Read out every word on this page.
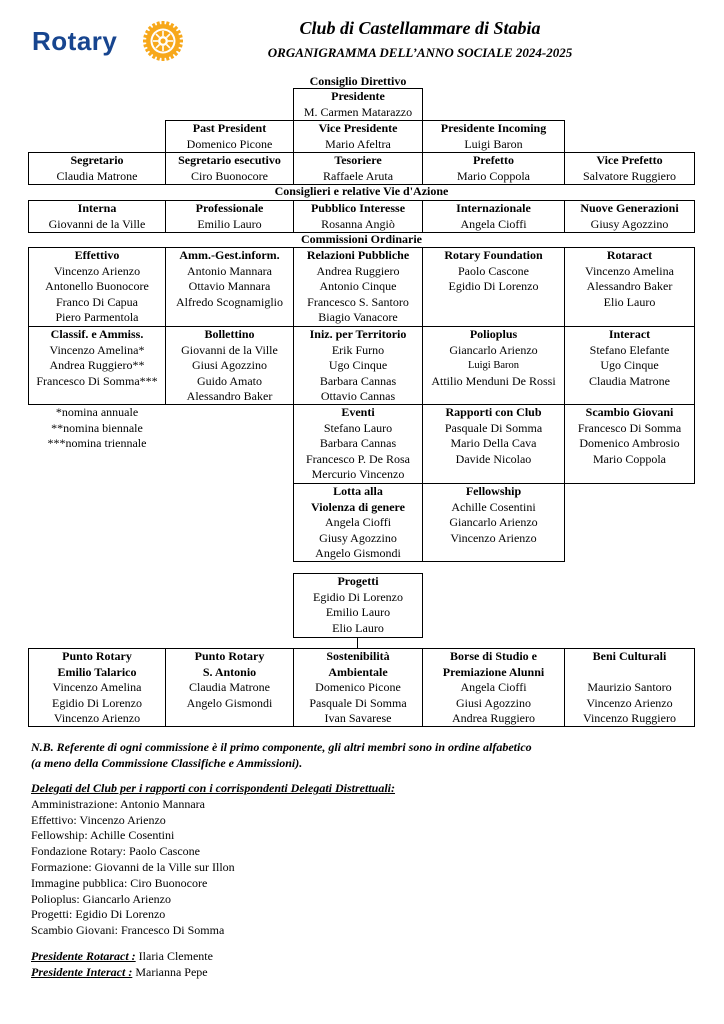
Rotary	Club di Castellammare di Stabia
ORGANIGRAMMA DELL’ANNO SOCIALE 2024-2025
Consiglio Direttivo
Presidente
M. Carmen Matarazzo
Past President
Domenico Picone
Vice Presidente
Mario Afeltra
Presidente Incoming
Luigi Baron
Segretario
Claudia Matrone
Segretario esecutivo
Ciro Buonocore
Tesoriere
Raffaele Aruta
Prefetto
Mario Coppola
Vice Prefetto
Salvatore Ruggiero
Consiglieri e relative Vie d'Azione
Interna
Giovanni de la Ville
Professionale
Emilio Lauro
Pubblico Interesse
Rosanna Angiò
Internazionale
Angela Cioffi
Nuove Generazioni
Giusy Agozzino
Commissioni Ordinarie
Effettivo
Vincenzo Arienzo
Antonello Buonocore
Franco Di Capua
Piero Parmentola
Amm.-Gest.inform.
Antonio Mannara
Ottavio Mannara
Alfredo Scognamiglio
Relazioni Pubbliche
Andrea Ruggiero
Antonio Cinque
Francesco S. Santoro
Biagio Vanacore
Rotary Foundation
Paolo Cascone
Egidio Di Lorenzo
Rotaract
Vincenzo Amelina
Alessandro Baker
Elio Lauro
Classif. e Ammiss.
Vincenzo Amelina*
Andrea Ruggiero**
Francesco Di Somma***
Bollettino
Giovanni de la Ville
Giusi Agozzino
Guido Amato
Alessandro Baker
Iniz. per Territorio
Erik Furno
Ugo Cinque
Barbara Cannas
Ottavio Cannas
Polioplus
Giancarlo Arienzo
Luigi Baron
Attilio Menduni De Rossi
Interact
Stefano Elefante
Ugo Cinque
Claudia Matrone
*nomina annuale
**nomina biennale
***nomina triennale
Eventi
Stefano Lauro
Barbara Cannas
Francesco P. De Rosa
Mercurio Vincenzo
Rapporti con Club
Pasquale Di Somma
Mario Della Cava
Davide Nicolao
Scambio Giovani
Francesco Di Somma
Domenico Ambrosio
Mario Coppola
Lotta alla
Violenza di genere
Angela Cioffi
Giusy Agozzino
Angelo Gismondi
Fellowship
Achille Cosentini
Giancarlo Arienzo
Vincenzo Arienzo
Progetti
Egidio Di Lorenzo
Emilio Lauro
Elio Lauro
Punto Rotary
Emilio Talarico
Vincenzo Amelina
Egidio Di Lorenzo
Vincenzo Arienzo
Punto Rotary
S. Antonio
Claudia Matrone
Angelo Gismondi
Sostenibilità
Ambientale
Domenico Picone
Pasquale Di Somma
Ivan Savarese
Borse di Studio e
Premiazione Alunni
Angela Cioffi
Giusi Agozzino
Andrea Ruggiero
Beni Culturali
Maurizio Santoro
Vincenzo Arienzo
Vincenzo Ruggiero
N.B. Referente di ogni commissione è il primo componente, gli altri membri sono in ordine alfabetico
(a meno della Commissione Classifiche e Ammissioni).
Delegati del Club per i rapporti con i corrispondenti Delegati Distrettuali:
Amministrazione: Antonio Mannara
Effettivo: Vincenzo Arienzo
Fellowship: Achille Cosentini
Fondazione Rotary: Paolo Cascone
Formazione: Giovanni de la Ville sur Illon
Immagine pubblica: Ciro Buonocore
Polioplus: Giancarlo Arienzo
Progetti: Egidio Di Lorenzo
Scambio Giovani: Francesco Di Somma
Presidente Rotaract : Ilaria Clemente
Presidente Interact : Marianna Pepe
